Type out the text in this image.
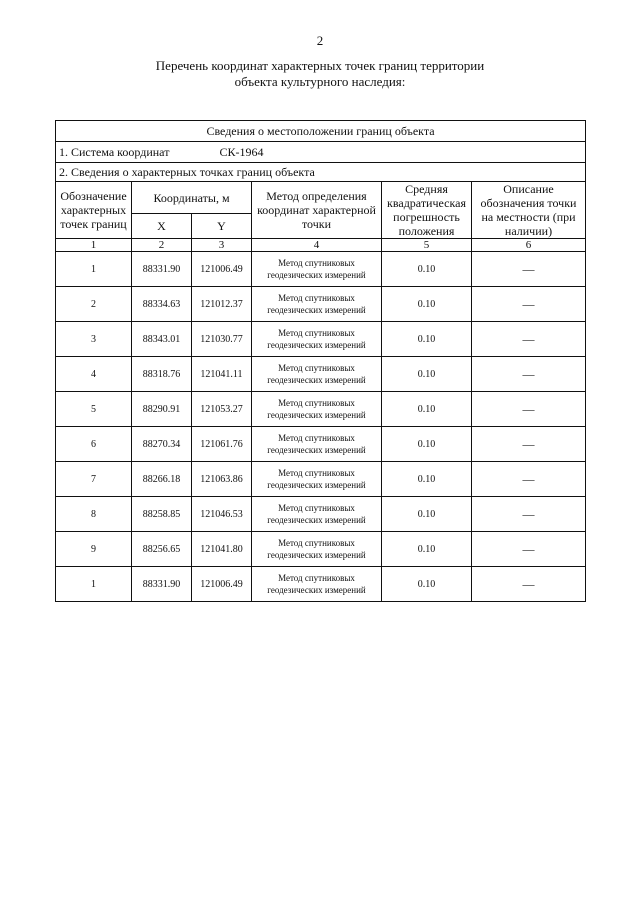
2
Перечень координат характерных точек границ территории
объекта культурного наследия:
Сведения о местоположении границ объекта					
1. Система координат СК-1964					
2. Сведения о характерных точках границ объекта					
Обозначение характерных точек границ	Координаты, м		Метод определения координат характерной точки	Средняя квадратическая погрешность положения	Описание обозначения точки на местности (при наличии)
	X	Y			
1	2	3	4	5	6
1	88331.90	121006.49	Метод спутниковых геодезических измерений	0.10	—
2	88334.63	121012.37	Метод спутниковых геодезических измерений	0.10	—
3	88343.01	121030.77	Метод спутниковых геодезических измерений	0.10	—
4	88318.76	121041.11	Метод спутниковых геодезических измерений	0.10	—
5	88290.91	121053.27	Метод спутниковых геодезических измерений	0.10	—
6	88270.34	121061.76	Метод спутниковых геодезических измерений	0.10	—
7	88266.18	121063.86	Метод спутниковых геодезических измерений	0.10	—
8	88258.85	121046.53	Метод спутниковых геодезических измерений	0.10	—
9	88256.65	121041.80	Метод спутниковых геодезических измерений	0.10	—
1	88331.90	121006.49	Метод спутниковых геодезических измерений	0.10	—
